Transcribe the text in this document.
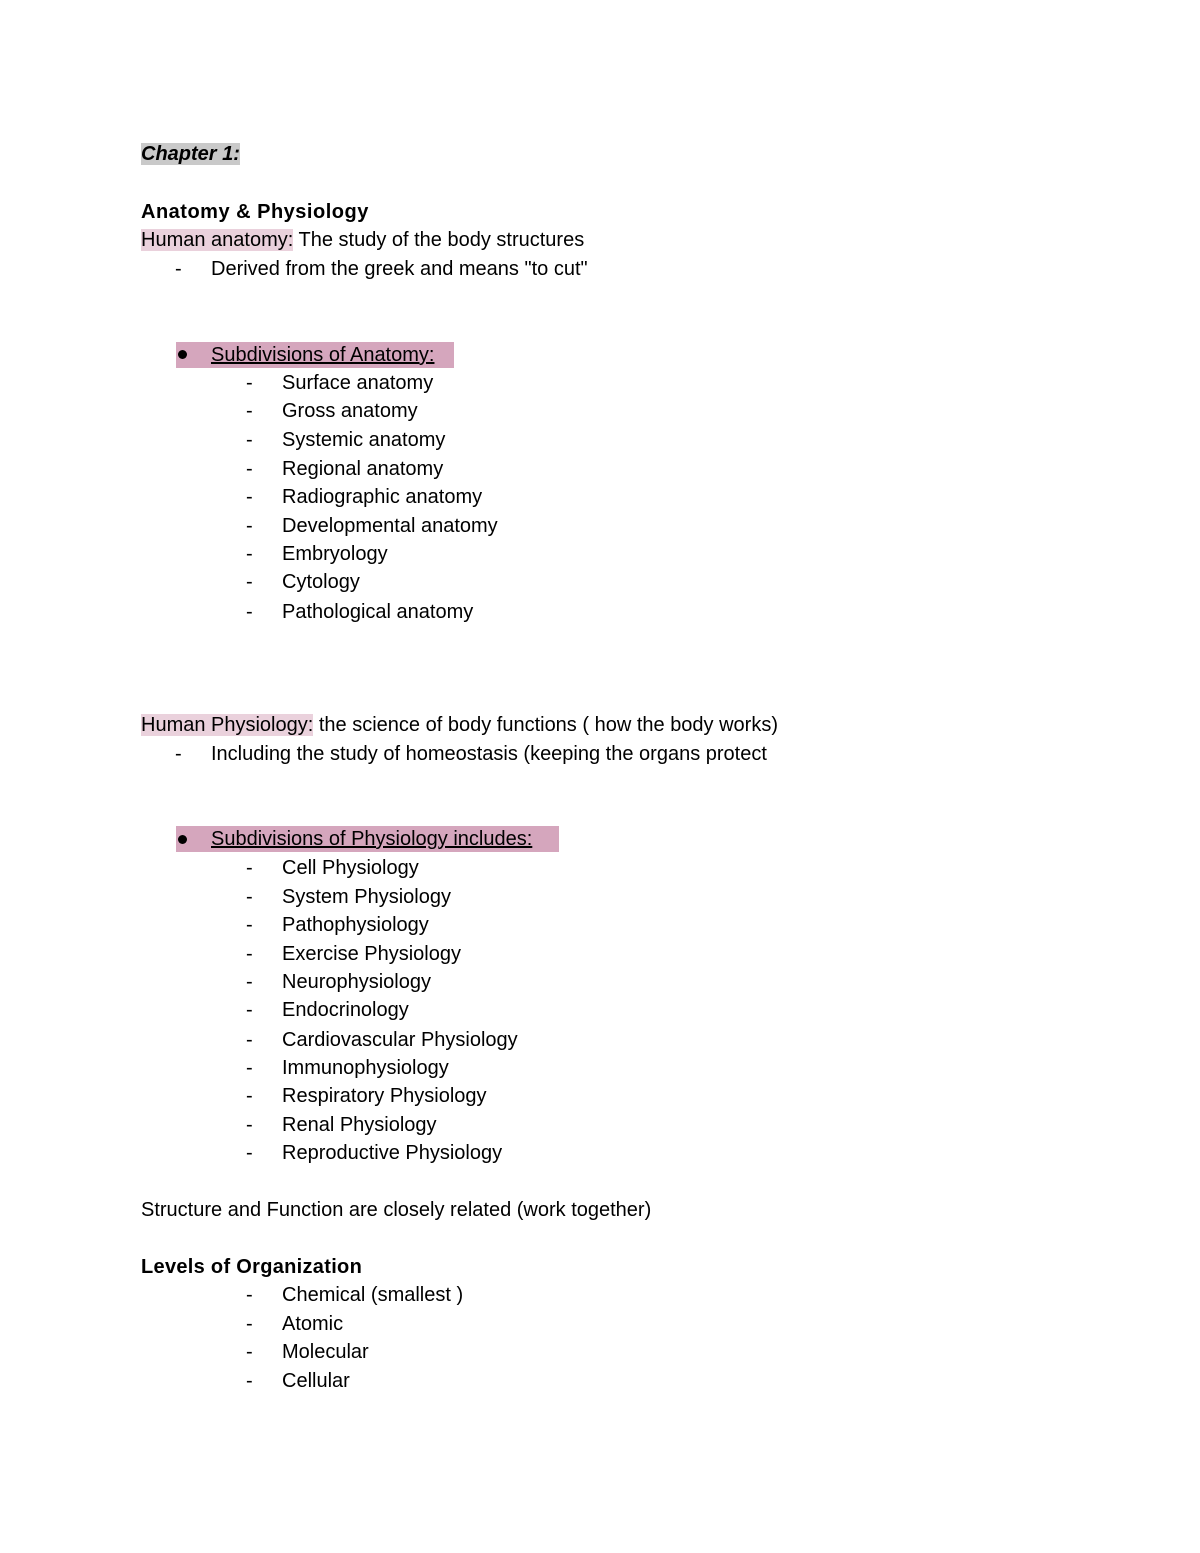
Chapter 1:
Anatomy & Physiology
Human anatomy: The study of the body structures
- Derived from the greek and means "to cut"
Subdivisions of Anatomy:
- Surface anatomy
- Gross anatomy
- Systemic anatomy
- Regional anatomy
- Radiographic anatomy
- Developmental anatomy
- Embryology
- Cytology
- Pathological anatomy
Human Physiology: the science of body functions ( how the body works)
- Including the study of homeostasis (keeping the organs protect
Subdivisions of Physiology includes:
- Cell Physiology
- System Physiology
- Pathophysiology
- Exercise Physiology
- Neurophysiology
- Endocrinology
- Cardiovascular Physiology
- Immunophysiology
- Respiratory Physiology
- Renal Physiology
- Reproductive Physiology
Structure and Function are closely related (work together)
Levels of Organization
- Chemical (smallest )
- Atomic
- Molecular
- Cellular
